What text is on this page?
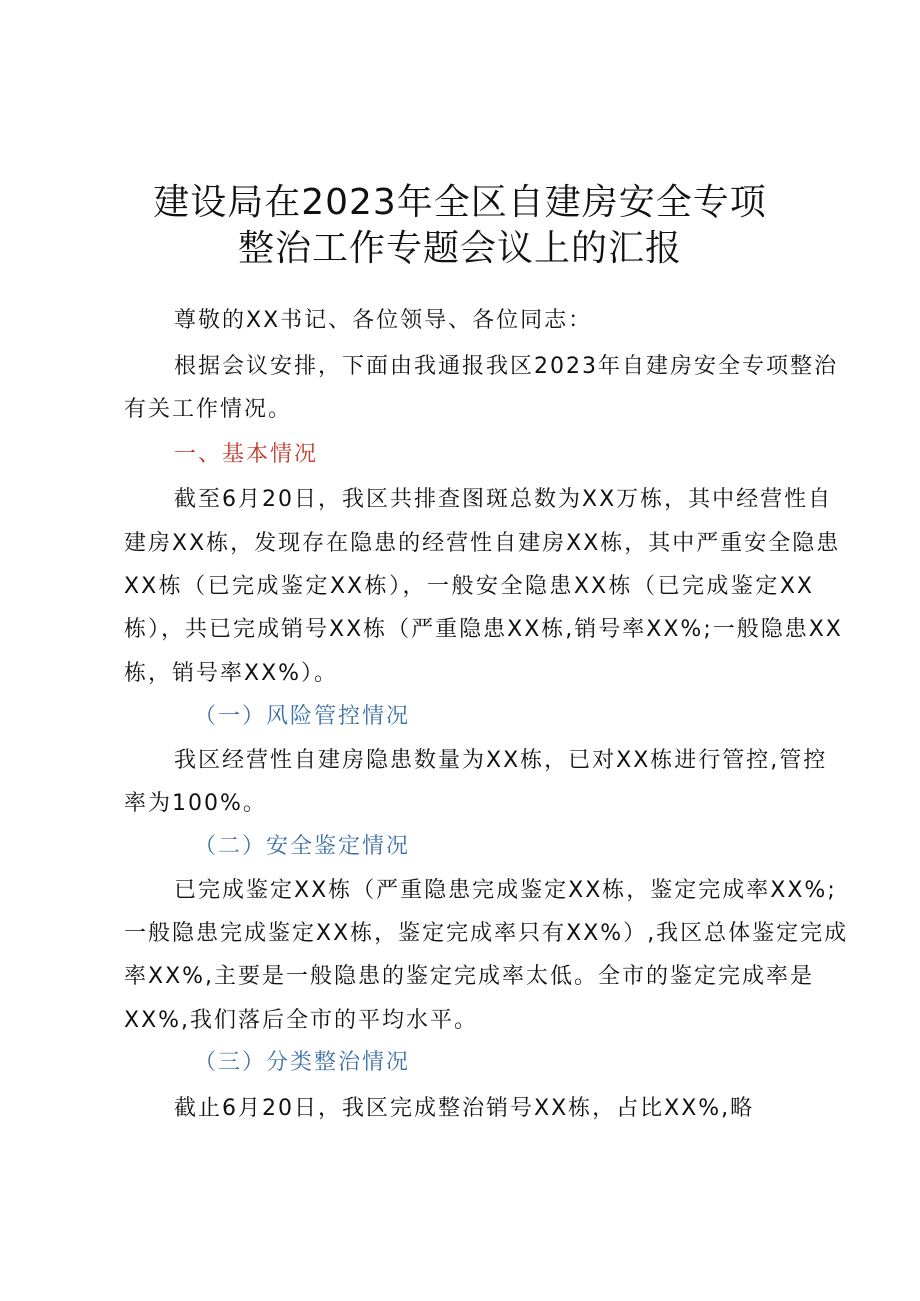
建设局在2023年全区自建房安全专项
整治工作专题会议上的汇报
尊敬的XX书记、各位领导、各位同志：
根据会议安排，下面由我通报我区2023年自建房安全专项整治
有关工作情况。
一、基本情况
截至6月20日，我区共排查图斑总数为XX万栋，其中经营性自
建房XX栋，发现存在隐患的经营性自建房XX栋，其中严重安全隐患
XX栋（已完成鉴定XX栋），一般安全隐患XX栋（已完成鉴定XX
栋），共已完成销号XX栋（严重隐患XX栋,销号率XX%;一般隐患XX
栋，销号率XX%）。
（一）风险管控情况
我区经营性自建房隐患数量为XX栋，已对XX栋进行管控,管控
率为100%。
（二）安全鉴定情况
已完成鉴定XX栋（严重隐患完成鉴定XX栋，鉴定完成率XX%;
一般隐患完成鉴定XX栋，鉴定完成率只有XX%）,我区总体鉴定完成
率XX%,主要是一般隐患的鉴定完成率太低。全市的鉴定完成率是
XX%,我们落后全市的平均水平。
（三）分类整治情况
截止6月20日，我区完成整治销号XX栋，占比XX%,略
